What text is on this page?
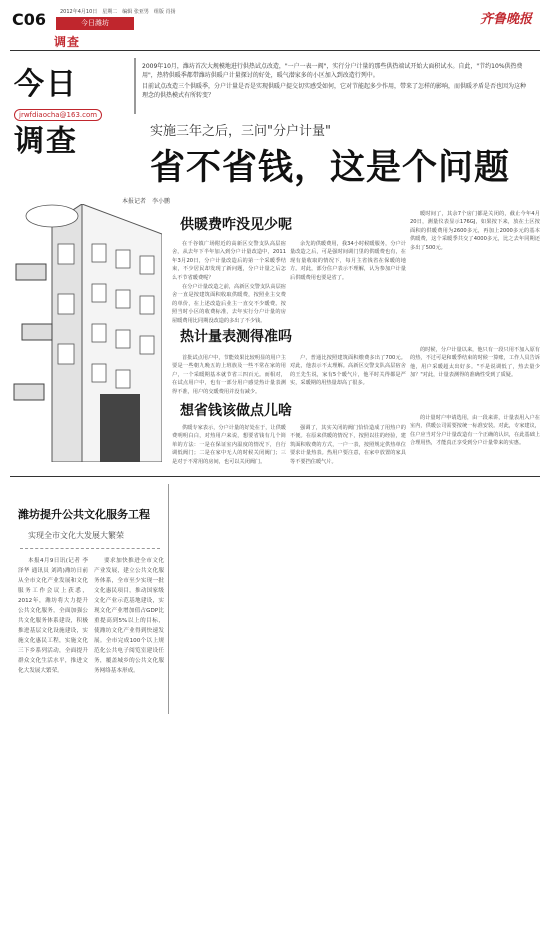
C06	2012年4月10日　星期二　编辑 张亚男　组版 肖扬
今日潍坊
调查
齐鲁晚报
今日
jrwfdiaocha@163.com
调查

2009年10月，潍坊首次大规模地进行供热试点改造，"一户一表一阀"，实行分户计量的那些供热端试开始大面积试水。自此，"节约10%供热费用"，热特供暖季都带潍坊供暖户计量探讨的好处，暖气潜家多的小区加入到改造行列中。

目前试点改造三个供暖季，分户计量是否是实现供暖户提交切实感受如何，它对节能起多少作用，带来了怎样的影响，而供暖矛盾是否也因为这种理念的供热模式有所转变？

实施三年之后，三问"分户计量"
省不省钱，这是个问题
本报记者　李小鹏
供暖费咋没见少呢

在千谷镇广场附近的高新区交警支队高层宿舍，从去年下半年加入到分户计量改造中，2011年3月20日，分户计量改造后的第一个采暖季结束，不少居民却发现了新问题，分户计量之后怎么不节省暖费呢？

在分户计量改造之前，高新区交警支队高层宿舍一直是按建筑面积收取供暖费，按照业主交费的单价，在上述改造后业主一直交不少暖费。按照当时小区的收费标准，去年实行分户计量的房屋暖费用比同期没改造的多出了不少钱。

余先的供暖费用，我34小时候暖服务，分户计量改造之后，可是强时间调门里的供暖费也有，在现有量收取的情况下，每月主省钱省在保暖的地方。对此，部分住户表示不理解，认为参加户计量后供暖费用也要是省了。

暖时间了，其余7个房门都是关闭的，截止今年4月20日，测量仪表显示176GJ，如果按下来，放在土区按面积的供暖费用为2600多元，再加上2000多元的基本供暖费，这个采暖季共交了4000多元，比之去年同期还多出了500元。

热计量表测得准吗

首批试点用户中，节能效果比较明显的用户主要是一些朝九晚五的上班族及一些不常在家的用户，一个采暖期基本就节省三四百元。而相对，在试点用户中，也有一部分用户感觉热计量表测得不准，用户的交暖费用并没有减少。

户，普通比按照建筑面积缴费多出了700元。对此，他表示不太理解。高新区交警支队高层宿舍的王先生说，家有5个暖气片，他平时关得都是严实，采暖期的用热量却高了很多。

的时候，分户计量以来，他只有一段只用不加入原有的热，不过可是和暖季结束的时候一算账，工作人员告诉他，用户采暖超太出好多。"不是说调低了，热去量少加？"对此，计量表测得的准确性受到了质疑。

想省钱该做点儿啥

供暖专家表示，分户计量的好处在于，让供暖费明明白白，对热用户来说，想要省钱有几个简单的方法：一是在保证室内温度的情况下，自行调低阀门；二是在家中无人的时候关闭阀门；三是对于不常用的房间，也可以关闭阀门。

强调了，其实关闭的阀门恰恰造成了用热户的不便。在原来供暖的情况下，按照以往的经验，建筑面积收费的方式，一户一表，按照规定供热单位要求计量热表。热用户要注意，在家中放置的家具等不要挡住暖气片。

的计量时户申请选用，由一段来讲，计量表用入户在室内，供暖公司需要按统一标准安装。对此，专家建议，住户应当对分户计量改造有一个正确的认识，在此基础上合理用热，才能真正享受到分户计量带来的实惠。

潍坊提升公共文化服务工程
实现全市文化大发展大繁荣

本报4月9日讯(记者 李泽华 通讯员 刘鸿)潍坊日前从全市文化产业发展和文化服务工作会议上获悉，2012年，潍坊将大力提升公共文化服务，全面加强公共文化服务体系建设，积极推进基层文化设施建设，实施文化惠民工程，实施文化三下乡系列活动，全面提升群众文化生活水平，推进文化大发展大繁荣。

要求加快推进全市文化产业发展，建立公共文化服务体系，全市至少实现一批文化惠民项目，推动国家级文化产业示范基地建设，实现文化产业增加值占GDP比重提高到5%以上的目标，使潍坊文化产业得到快速发展。全市完成100个以上规范化公共电子阅览室建设任务，覆盖城乡的公共文化服务网络基本形成。
